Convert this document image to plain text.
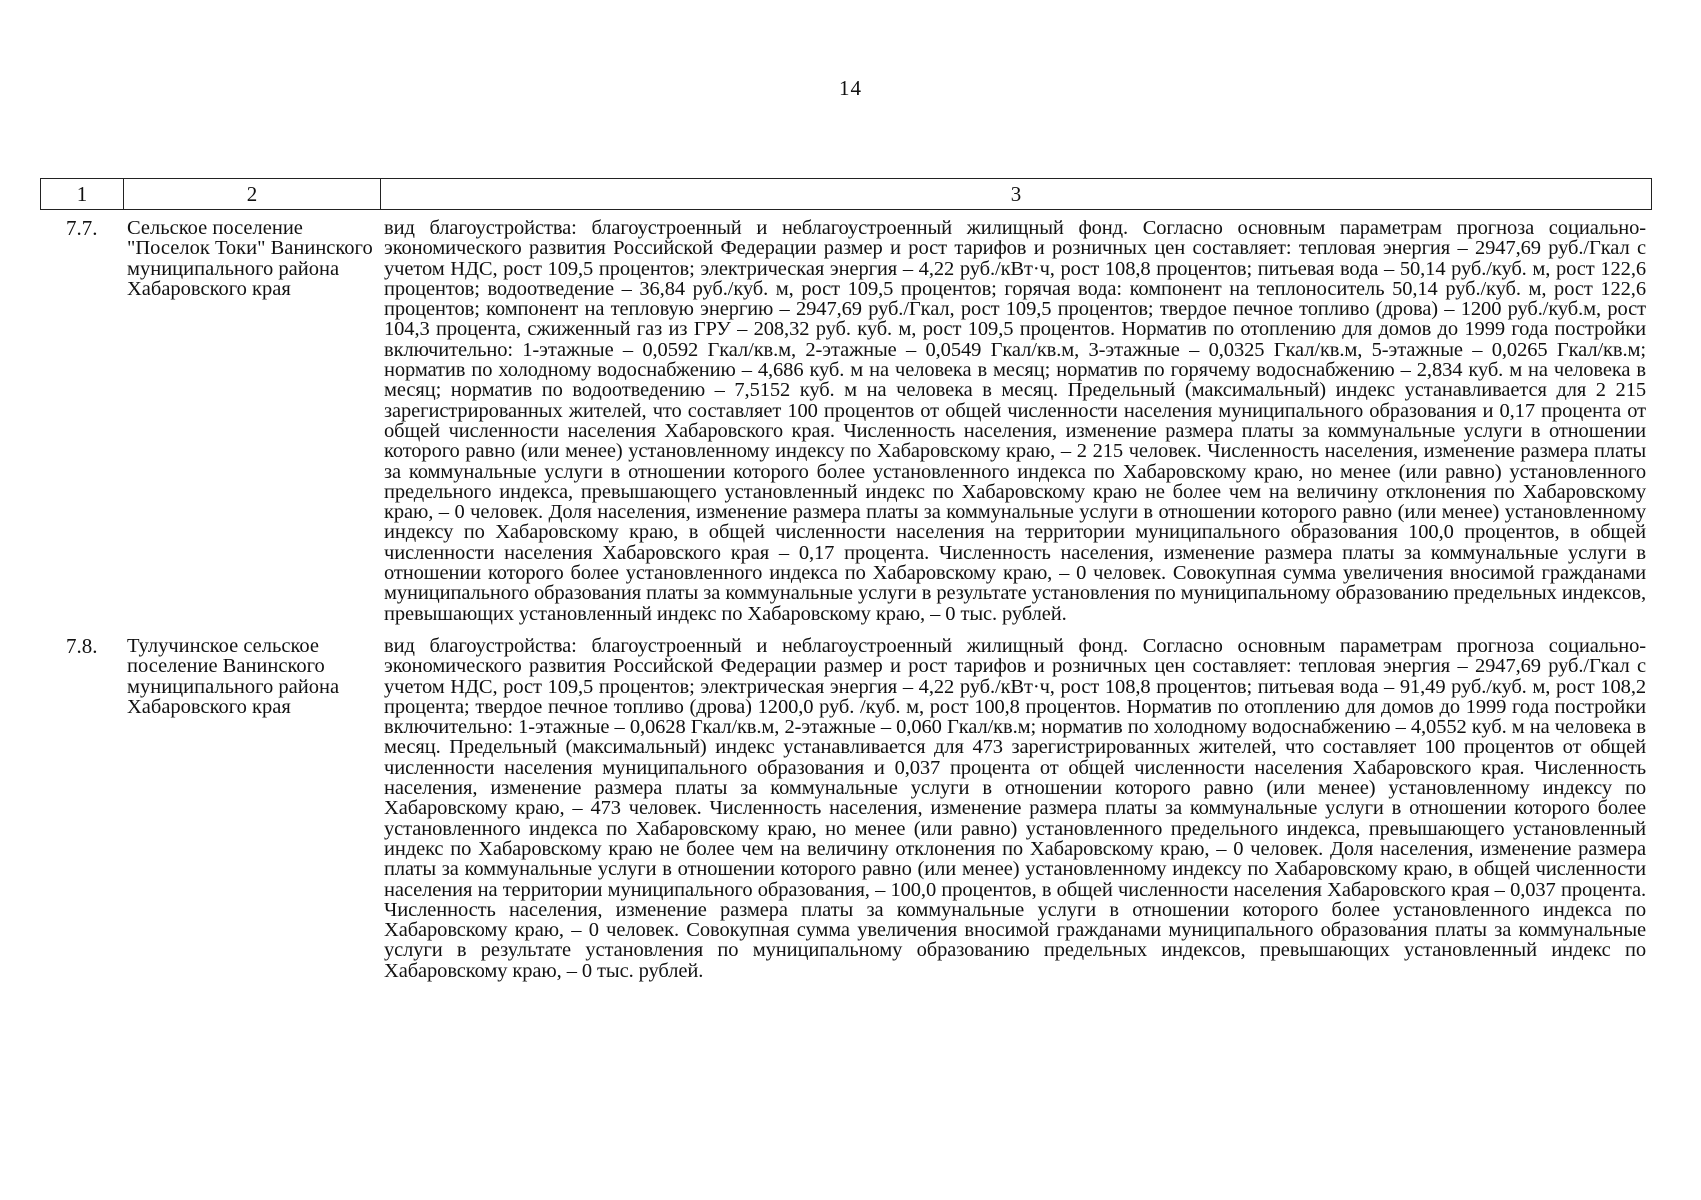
14
1	2	3
7.7.	Сельское поселение "Поселок Токи" Ванинского муниципального района Хабаровского края	вид благоустройства: благоустроенный и неблагоустроенный жилищный фонд. Согласно основным параметрам прогноза социально-экономического развития Российской Федерации размер и рост тарифов и розничных цен составляет: тепловая энергия – 2947,69 руб./Гкал с учетом НДС, рост 109,5 процентов; электрическая энергия – 4,22 руб./кВт·ч, рост 108,8 процентов; питьевая вода – 50,14 руб./куб. м, рост 122,6 процентов; водоотведение – 36,84 руб./куб. м, рост 109,5 процентов; горячая вода: компонент на теплоноситель 50,14 руб./куб. м, рост 122,6 процентов; компонент на тепловую энергию – 2947,69 руб./Гкал, рост 109,5 процентов; твердое печное топливо (дрова) – 1200 руб./куб.м, рост 104,3 процента, сжиженный газ из ГРУ – 208,32 руб. куб. м, рост 109,5 процентов. Норматив по отоплению для домов до 1999 года постройки включительно: 1-этажные – 0,0592 Гкал/кв.м, 2-этажные – 0,0549 Гкал/кв.м, 3-этажные – 0,0325 Гкал/кв.м, 5-этажные – 0,0265 Гкал/кв.м; норматив по холодному водоснабжению – 4,686 куб. м на человека в месяц; норматив по горячему водоснабжению – 2,834 куб. м на человека в месяц; норматив по водоотведению – 7,5152 куб. м на человека в месяц. Предельный (максимальный) индекс устанавливается для 2 215 зарегистрированных жителей, что составляет 100 процентов от общей численности населения муниципального образования и 0,17 процента от общей численности населения Хабаровского края. Численность населения, изменение размера платы за коммунальные услуги в отношении которого равно (или менее) установленному индексу по Хабаровскому краю, – 2 215 человек. Численность населения, изменение размера платы за коммунальные услуги в отношении которого более установленного индекса по Хабаровскому краю, но менее (или равно) установленного предельного индекса, превышающего установленный индекс по Хабаровскому краю не более чем на величину отклонения по Хабаровскому краю, – 0 человек. Доля населения, изменение размера платы за коммунальные услуги в отношении которого равно (или менее) установленному индексу по Хабаровскому краю, в общей численности населения на территории муниципального образования 100,0 процентов, в общей численности населения Хабаровского края – 0,17 процента. Численность населения, изменение размера платы за коммунальные услуги в отношении которого более установленного индекса по Хабаровскому краю, – 0 человек. Совокупная сумма увеличения вносимой гражданами муниципального образования платы за коммунальные услуги в результате установления по муниципальному образованию предельных индексов, превышающих установленный индекс по Хабаровскому краю, – 0 тыс. рублей.
7.8.	Тулучинское сельское поселение Ванинского муниципального района Хабаровского края	вид благоустройства: благоустроенный и неблагоустроенный жилищный фонд. Согласно основным параметрам прогноза социально-экономического развития Российской Федерации размер и рост тарифов и розничных цен составляет: тепловая энергия – 2947,69 руб./Гкал с учетом НДС, рост 109,5 процентов; электрическая энергия – 4,22 руб./кВт·ч, рост 108,8 процентов; питьевая вода – 91,49 руб./куб. м, рост 108,2 процента; твердое печное топливо (дрова) 1200,0 руб. /куб. м, рост 100,8 процентов. Норматив по отоплению для домов до 1999 года постройки включительно: 1-этажные – 0,0628 Гкал/кв.м, 2-этажные – 0,060 Гкал/кв.м; норматив по холодному водоснабжению – 4,0552 куб. м на человека в месяц. Предельный (максимальный) индекс устанавливается для 473 зарегистрированных жителей, что составляет 100 процентов от общей численности населения муниципального образования и 0,037 процента от общей численности населения Хабаровского края. Численность населения, изменение размера платы за коммунальные услуги в отношении которого равно (или менее) установленному индексу по Хабаровскому краю, – 473 человек. Численность населения, изменение размера платы за коммунальные услуги в отношении которого более установленного индекса по Хабаровскому краю, но менее (или равно) установленного предельного индекса, превышающего установленный индекс по Хабаровскому краю не более чем на величину отклонения по Хабаровскому краю, – 0 человек. Доля населения, изменение размера платы за коммунальные услуги в отношении которого равно (или менее) установленному индексу по Хабаровскому краю, в общей численности населения на территории муниципального образования, – 100,0 процентов, в общей численности населения Хабаровского края – 0,037 процента. Численность населения, изменение размера платы за коммунальные услуги в отношении которого более установленного индекса по Хабаровскому краю, – 0 человек. Совокупная сумма увеличения вносимой гражданами муниципального образования платы за коммунальные услуги в результате установления по муниципальному образованию предельных индексов, превышающих установленный индекс по Хабаровскому краю, – 0 тыс. рублей.
